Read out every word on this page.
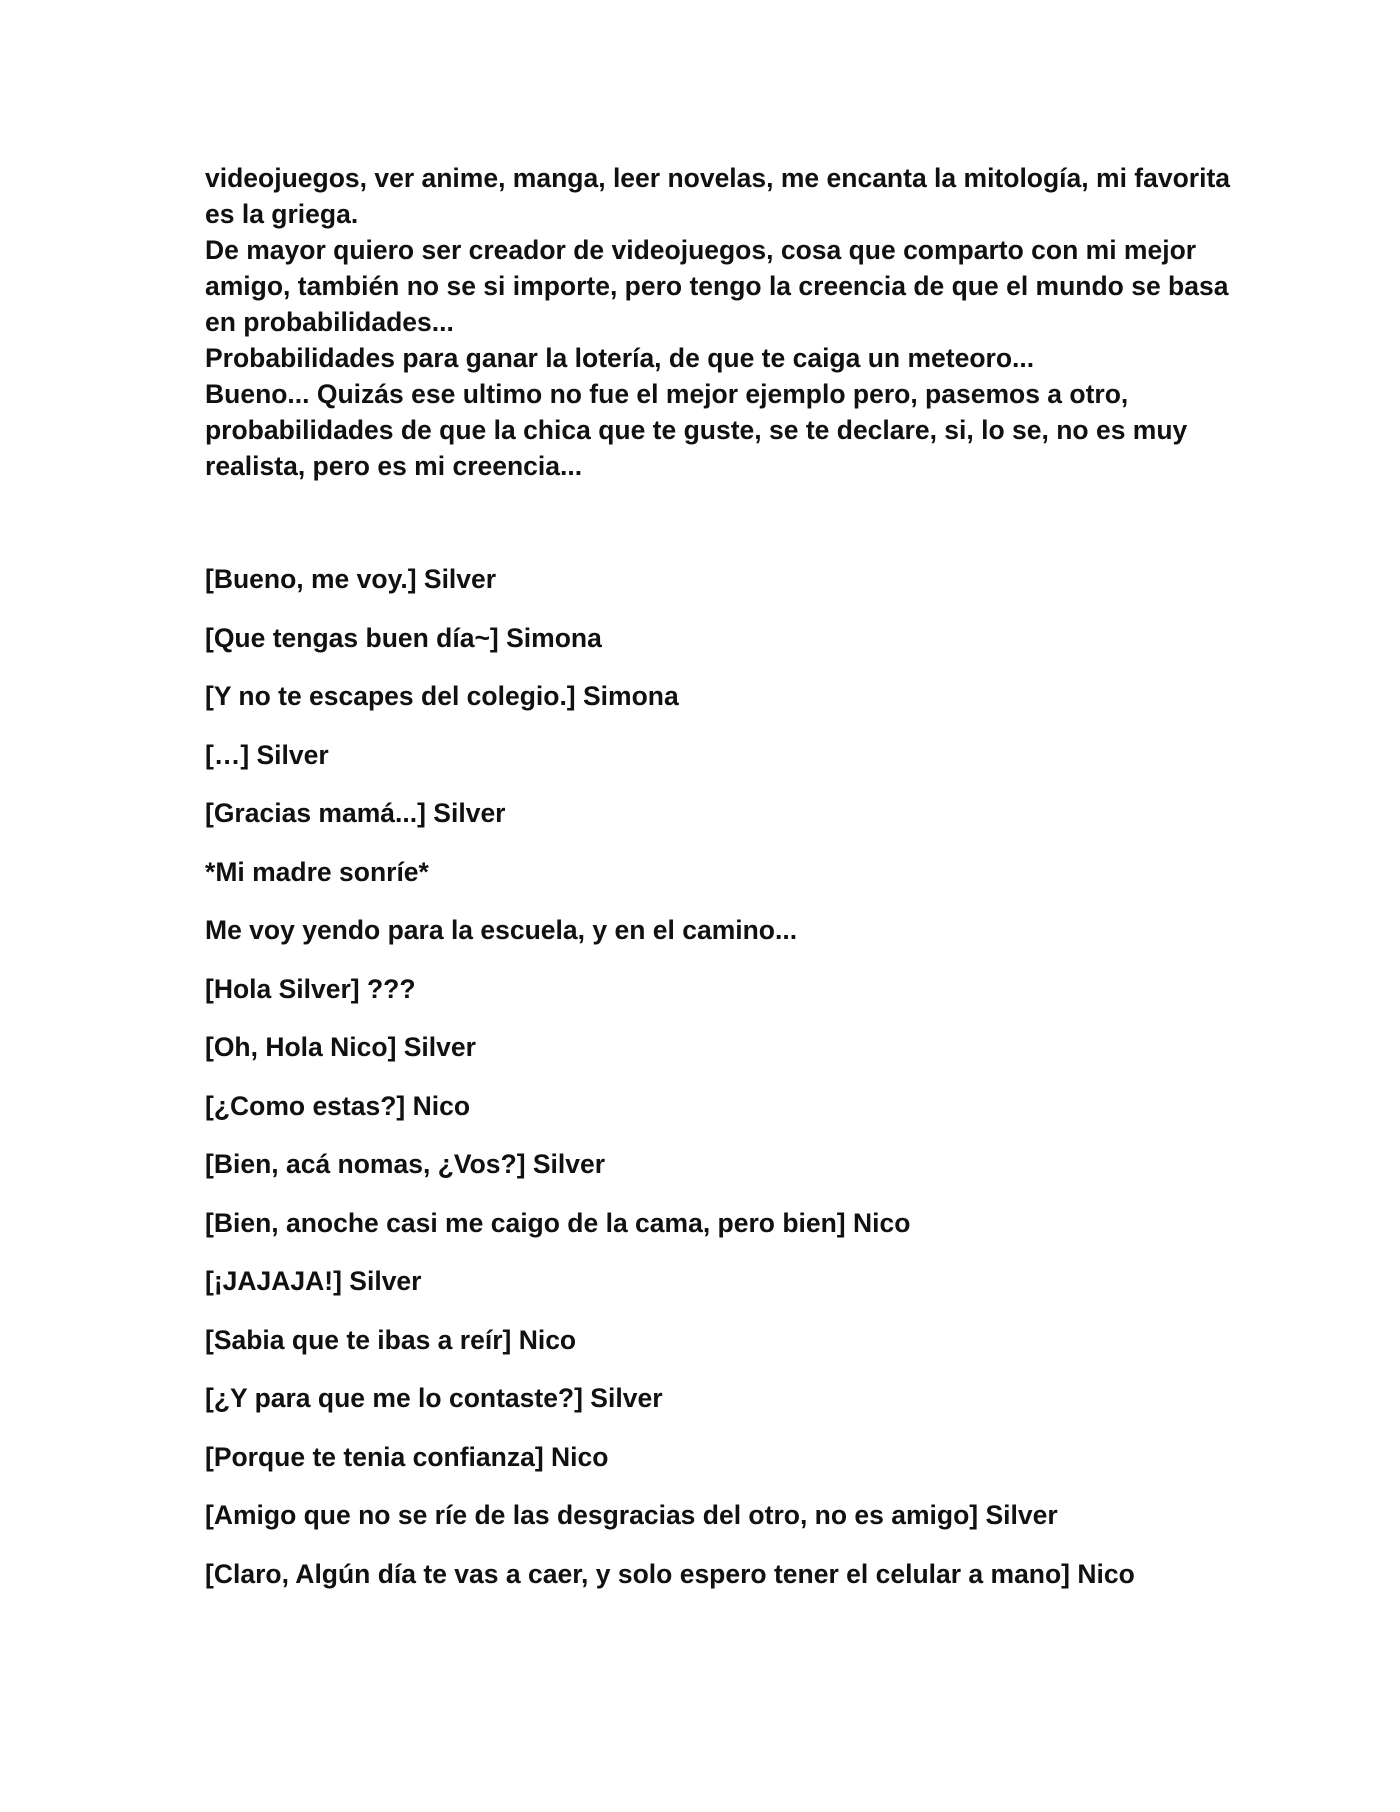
videojuegos, ver anime, manga, leer novelas, me encanta la mitología, mi favorita es la griega.

De mayor quiero ser creador de videojuegos, cosa que comparto con mi mejor amigo, también no se si importe, pero tengo la creencia de que el mundo se basa en probabilidades...

Probabilidades para ganar la lotería, de que te caiga un meteoro...

Bueno... Quizás ese ultimo no fue el mejor ejemplo pero, pasemos a otro, probabilidades de que la chica que te guste, se te declare, si, lo se, no es muy realista, pero es mi creencia...

[Bueno, me voy.] Silver

[Que tengas buen día~] Simona

[Y no te escapes del colegio.] Simona

[…] Silver

[Gracias mamá...] Silver

*Mi madre sonríe*

Me voy yendo para la escuela, y en el camino...

[Hola Silver] ???

[Oh, Hola Nico] Silver

[¿Como estas?] Nico

[Bien, acá nomas, ¿Vos?] Silver

[Bien, anoche casi me caigo de la cama, pero bien] Nico

[¡JAJAJA!] Silver

[Sabia que te ibas a reír] Nico

[¿Y para que me lo contaste?] Silver

[Porque te tenia confianza] Nico

[Amigo que no se ríe de las desgracias del otro, no es amigo] Silver

[Claro, Algún día te vas a caer, y solo espero tener el celular a mano] Nico
